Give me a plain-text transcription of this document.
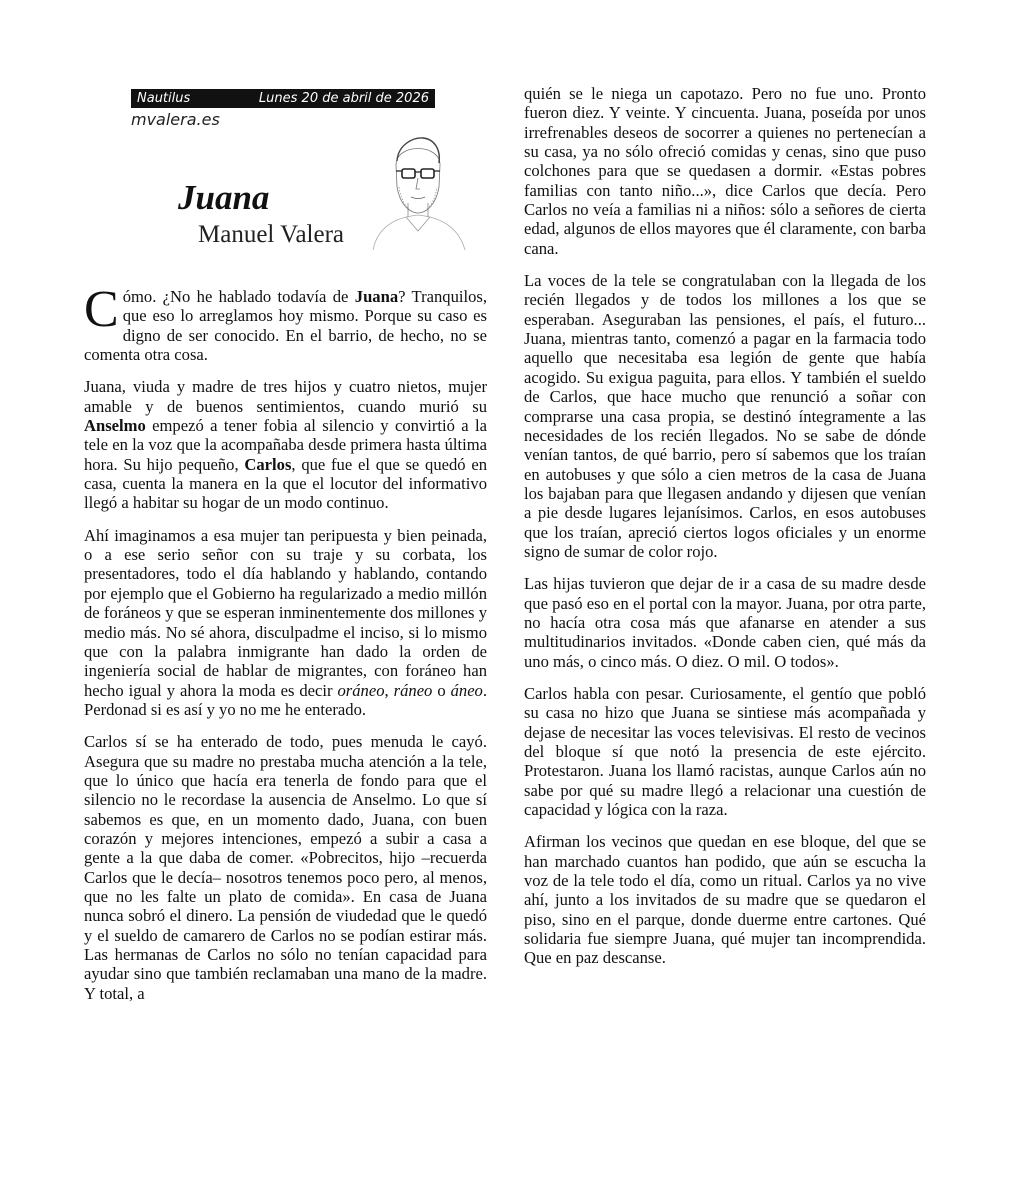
Nautilus	Lunes 20 de abril de 2026
mvalera.es
Juana
Manuel Valera

Cómo. ¿No he hablado todavía de Juana? Tranquilos, que eso lo arreglamos hoy mismo. Porque su caso es digno de ser conocido. En el barrio, de hecho, no se comenta otra cosa.

Juana, viuda y madre de tres hijos y cuatro nietos, mujer amable y de buenos sentimientos, cuando murió su Anselmo empezó a tener fobia al silencio y convirtió a la tele en la voz que la acompañaba desde primera hasta última hora. Su hijo pequeño, Carlos, que fue el que se quedó en casa, cuenta la manera en la que el locutor del informativo llegó a habitar su hogar de un modo continuo.

Ahí imaginamos a esa mujer tan peripuesta y bien peinada, o a ese serio señor con su traje y su corbata, los presentadores, todo el día hablando y hablando, contando por ejemplo que el Gobierno ha regularizado a medio millón de foráneos y que se esperan inminentemente dos millones y medio más. No sé ahora, disculpadme el inciso, si lo mismo que con la palabra inmigrante han dado la orden de ingeniería social de hablar de migrantes, con foráneo han hecho igual y ahora la moda es decir oráneo, ráneo o áneo. Perdonad si es así y yo no me he enterado.

Carlos sí se ha enterado de todo, pues menuda le cayó. Asegura que su madre no prestaba mucha atención a la tele, que lo único que hacía era tenerla de fondo para que el silencio no le recordase la ausencia de Anselmo. Lo que sí sabemos es que, en un momento dado, Juana, con buen corazón y mejores intenciones, empezó a subir a casa a gente a la que daba de comer. «Pobrecitos, hijo –recuerda Carlos que le decía– nosotros tenemos poco pero, al menos, que no les falte un plato de comida». En casa de Juana nunca sobró el dinero. La pensión de viudedad que le quedó y el sueldo de camarero de Carlos no se podían estirar más. Las hermanas de Carlos no sólo no tenían capacidad para ayudar sino que también reclamaban una mano de la madre. Y total, a

quién se le niega un capotazo. Pero no fue uno. Pronto fueron diez. Y veinte. Y cincuenta. Juana, poseída por unos irrefrenables deseos de socorrer a quienes no pertenecían a su casa, ya no sólo ofreció comidas y cenas, sino que puso colchones para que se quedasen a dormir. «Estas pobres familias con tanto niño...», dice Carlos que decía. Pero Carlos no veía a familias ni a niños: sólo a señores de cierta edad, algunos de ellos mayores que él claramente, con barba cana.

La voces de la tele se congratulaban con la llegada de los recién llegados y de todos los millones a los que se esperaban. Aseguraban las pensiones, el país, el futuro... Juana, mientras tanto, comenzó a pagar en la farmacia todo aquello que necesitaba esa legión de gente que había acogido. Su exigua paguita, para ellos. Y también el sueldo de Carlos, que hace mucho que renunció a soñar con comprarse una casa propia, se destinó íntegramente a las necesidades de los recién llegados. No se sabe de dónde venían tantos, de qué barrio, pero sí sabemos que los traían en autobuses y que sólo a cien metros de la casa de Juana los bajaban para que llegasen andando y dijesen que venían a pie desde lugares lejanísimos. Carlos, en esos autobuses que los traían, apreció ciertos logos oficiales y un enorme signo de sumar de color rojo.

Las hijas tuvieron que dejar de ir a casa de su madre desde que pasó eso en el portal con la mayor. Juana, por otra parte, no hacía otra cosa más que afanarse en atender a sus multitudinarios invitados. «Donde caben cien, qué más da uno más, o cinco más. O diez. O mil. O todos».

Carlos habla con pesar. Curiosamente, el gentío que pobló su casa no hizo que Juana se sintiese más acompañada y dejase de necesitar las voces televisivas. El resto de vecinos del bloque sí que notó la presencia de este ejército. Protestaron. Juana los llamó racistas, aunque Carlos aún no sabe por qué su madre llegó a relacionar una cuestión de capacidad y lógica con la raza.

Afirman los vecinos que quedan en ese bloque, del que se han marchado cuantos han podido, que aún se escucha la voz de la tele todo el día, como un ritual. Carlos ya no vive ahí, junto a los invitados de su madre que se quedaron el piso, sino en el parque, donde duerme entre cartones. Qué solidaria fue siempre Juana, qué mujer tan incomprendida. Que en paz descanse.
